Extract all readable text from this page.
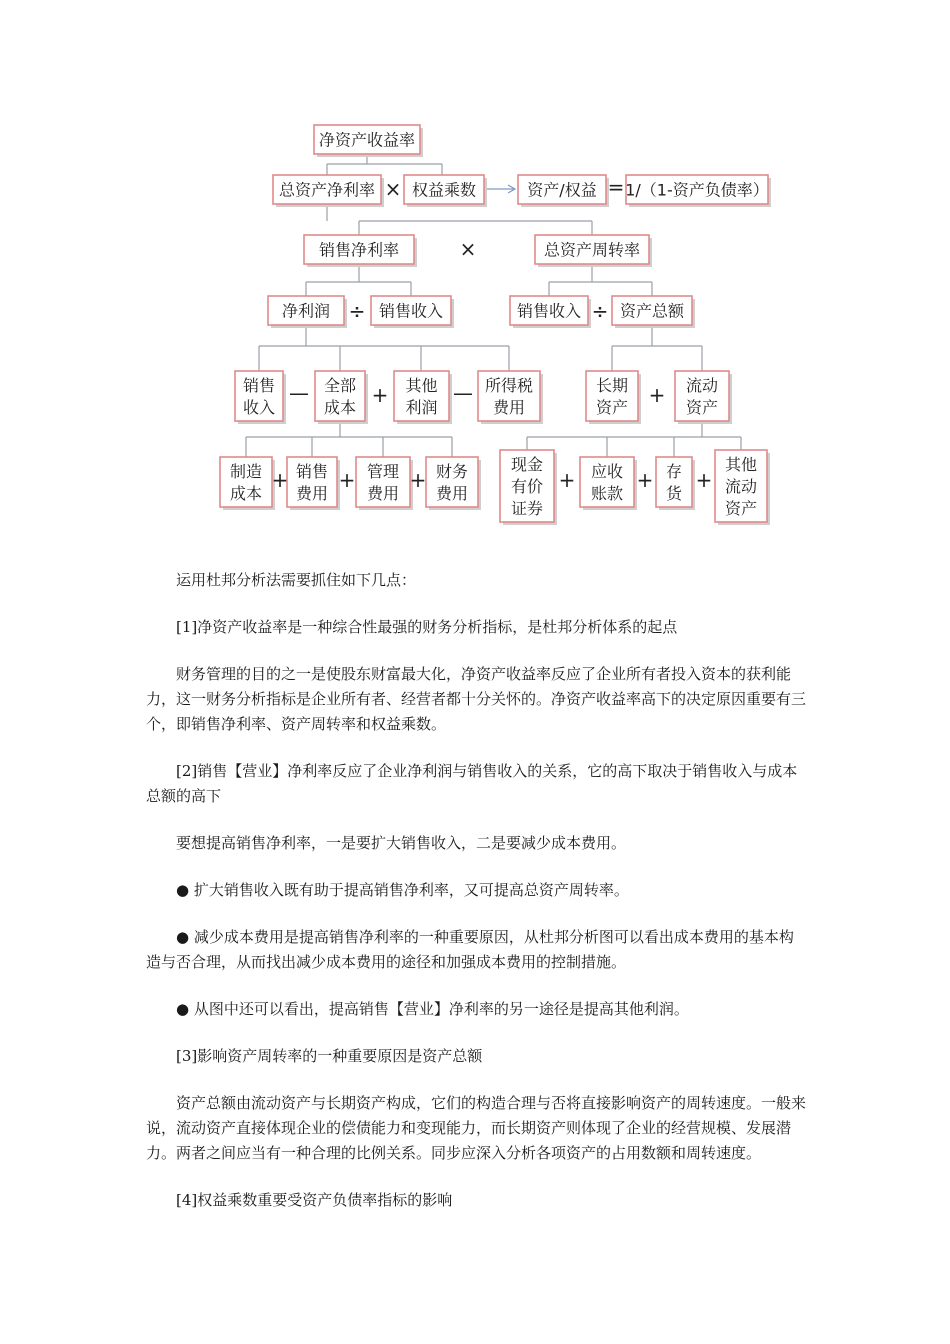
净资产收益率
总资产净利率 权益乘数	资产/权益 1/（1-资产负债率）
销售净利率	总资产周转率
净利润	销售收入	销售收入 资产总额
销售
收入
全部
成本
其他
利润
所得税
费用
长期
资产
流动
资产
制造
成本
销售
费用
管理
费用
财务
费用
现金
有价
证券
应收
账款
存
货
其他
流动
资产
×	=
×
÷	÷
—	+	—	+
+	+	+	+	+ +

运用杜邦分析法需要抓住如下几点：

[1]净资产收益率是一种综合性最强的财务分析指标，是杜邦分析体系的起点

财务管理的目的之一是使股东财富最大化，净资产收益率反应了企业所有者投入资本的获利能力，这一财务分析指标是企业所有者、经营者都十分关怀的。净资产收益率高下的决定原因重要有三个，即销售净利率、资产周转率和权益乘数。

[2]销售【营业】净利率反应了企业净利润与销售收入的关系，它的高下取决于销售收入与成本总额的高下

要想提高销售净利率，一是要扩大销售收入，二是要减少成本费用。

● 扩大销售收入既有助于提高销售净利率，又可提高总资产周转率。

● 减少成本费用是提高销售净利率的一种重要原因，从杜邦分析图可以看出成本费用的基本构造与否合理，从而找出减少成本费用的途径和加强成本费用的控制措施。

● 从图中还可以看出，提高销售【营业】净利率的另一途径是提高其他利润。

[3]影响资产周转率的一种重要原因是资产总额

资产总额由流动资产与长期资产构成，它们的构造合理与否将直接影响资产的周转速度。一般来说，流动资产直接体现企业的偿债能力和变现能力，而长期资产则体现了企业的经营规模、发展潜力。两者之间应当有一种合理的比例关系。同步应深入分析各项资产的占用数额和周转速度。

[4]权益乘数重要受资产负债率指标的影响
